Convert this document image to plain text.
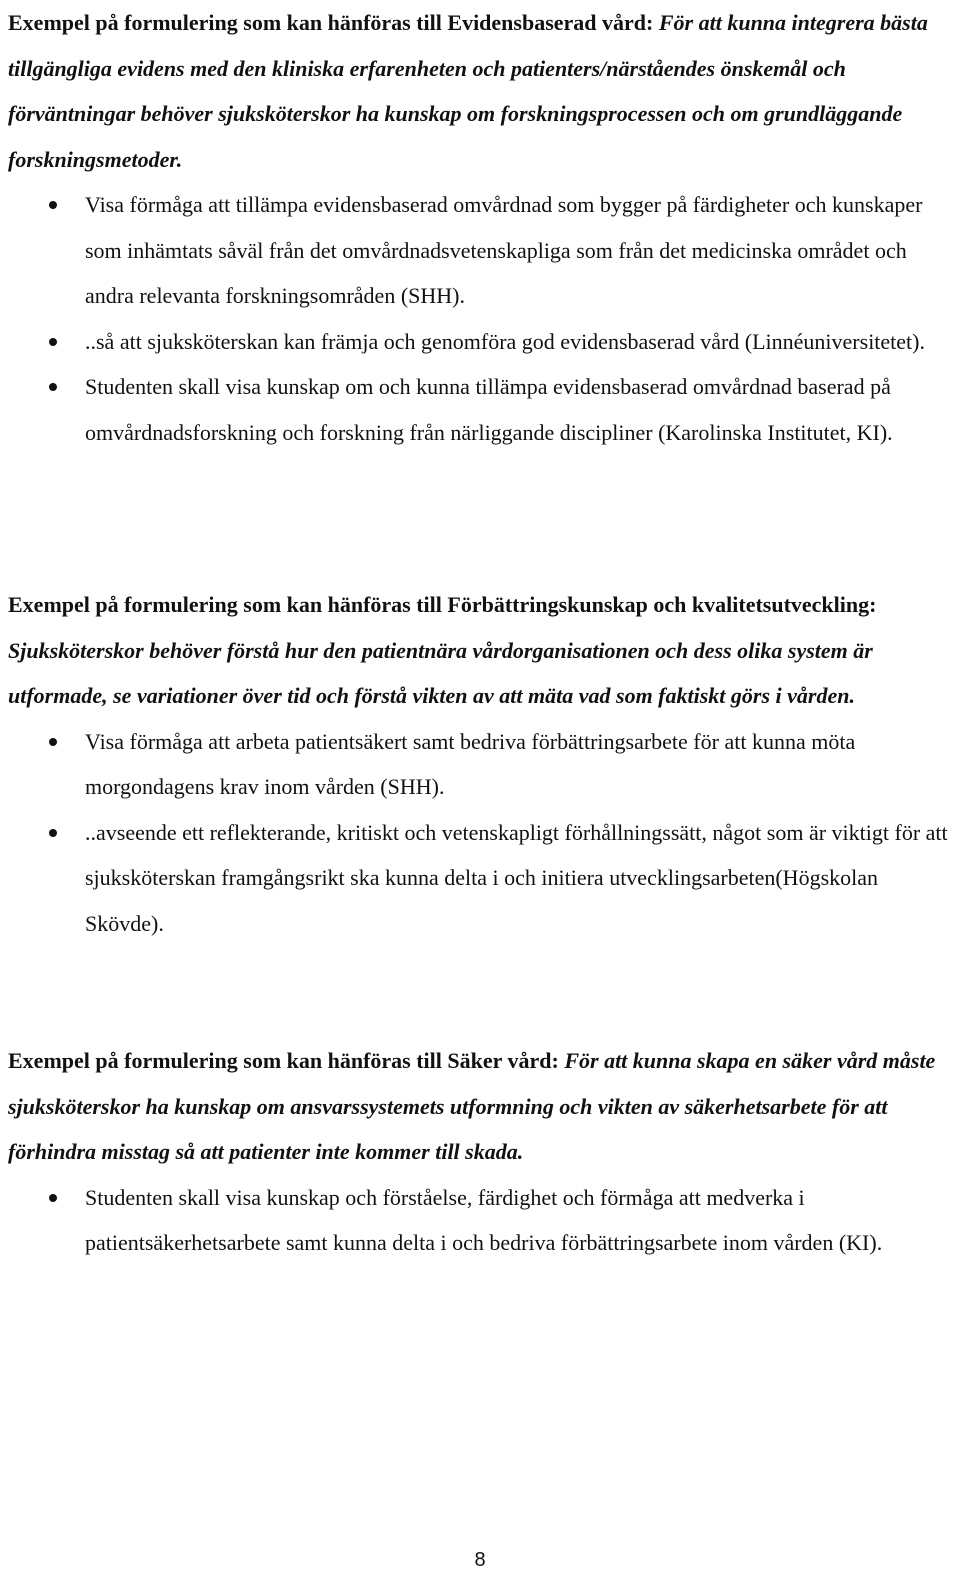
Exempel på formulering som kan hänföras till Evidensbaserad vård: För att kunna integrera bästa tillgängliga evidens med den kliniska erfarenheten och patienters/närståendes önskemål och förväntningar behöver sjuksköterskor ha kunskap om forskningsprocessen och om grundläggande forskningsmetoder.

Visa förmåga att tillämpa evidensbaserad omvårdnad som bygger på färdigheter och kunskaper som inhämtats såväl från det omvårdnadsvetenskapliga som från det medicinska området och andra relevanta forskningsområden (SHH).
..så att sjuksköterskan kan främja och genomföra god evidensbaserad vård (Linnéuniversitetet).
Studenten skall visa kunskap om och kunna tillämpa evidensbaserad omvårdnad baserad på omvårdnadsforskning och forskning från närliggande discipliner (Karolinska Institutet, KI).

Exempel på formulering som kan hänföras till Förbättringskunskap och kvalitetsutveckling: Sjuksköterskor behöver förstå hur den patientnära vårdorganisationen och dess olika system är utformade, se variationer över tid och förstå vikten av att mäta vad som faktiskt görs i vården.

Visa förmåga att arbeta patientsäkert samt bedriva förbättringsarbete för att kunna möta morgondagens krav inom vården (SHH).
..avseende ett reflekterande, kritiskt och vetenskapligt förhållningssätt, något som är viktigt för att sjuksköterskan framgångsrikt ska kunna delta i och initiera utvecklingsarbeten(Högskolan Skövde).

Exempel på formulering som kan hänföras till Säker vård: För att kunna skapa en säker vård måste sjuksköterskor ha kunskap om ansvarssystemets utformning och vikten av säkerhetsarbete för att förhindra misstag så att patienter inte kommer till skada.

Studenten skall visa kunskap och förståelse, färdighet och förmåga att medverka i patientsäkerhetsarbete samt kunna delta i och bedriva förbättringsarbete inom vården (KI).
8
